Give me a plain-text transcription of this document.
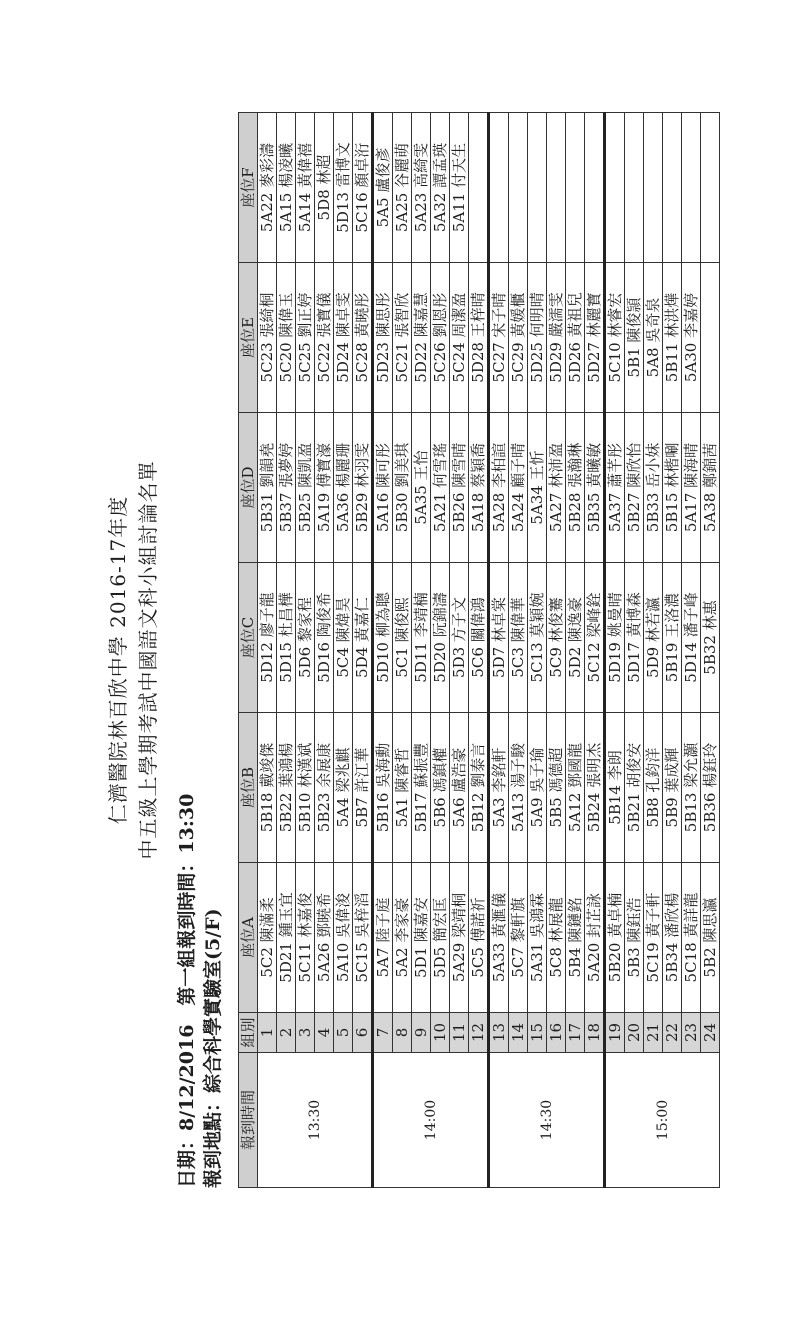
仁濟醫院林百欣中學 2016-17年度 中五級上學期考試中國語文科小組討論名單
日期：8/12/2016　第一組報到時間：13:30 報到地點：綜合科學實驗室(5/F) 報到時間	組別	座位A	座位B	座位C	座位D	座位E	座位F
13:30	1	5C2 陳滿柔	5B18 戴竣傑	5D12 廖子龍	5B31 劉韻堯	5C23 張綺桐	5A22 麥彩濤
	2	5D21 鍾玉宜	5B22 葉鴻楊	5D15 杜昌樺	5B37 張夢婷	5C20 陳偉玉	5A15 楊凌曦
	3	5C11 林嘉俊	5B10 林漢斌	5D6 黎家程	5B25 陳凱盈	5C25 劉正婷	5A14 黃偉禧
	4	5A26 鄧曉希	5B23 余展康	5D16 陶俊希	5A19 傅寶濠	5C22 張寶儀	5D8 林超
	5	5A10 吳偉浚	5A4 梁兆麒	5C4 陳煒昊	5A36 楊麗珊	5D24 陳卓雯	5D13 雷博文
	6	5C15 吳梓滔	5B7 許江華	5D4 黃嘉仁	5B29 林羽雯	5C28 黃曉彤	5C16 顏卓洐
14:00	7	5A7 陸子庭	5B16 吳海勳	5D10 柳為聰	5A16 陳可彤	5D23 陳思彤	5A5 盧俊彥
	8	5A2 李家豪	5A1 陳睿哲	5C1 陳俊熙	5B30 劉美琪	5C21 張智欣	5A25 谷麗萌
	9	5D1 陳嘉安	5B17 蘇振豐	5D11 李靖楠	5A35 王怡	5D22 陳嘉慧	5A23 高綺雯
	10	5D5 簡宏匡	5B6 馮鎮權	5D20 阮錦濤	5A21 何雪瑤	5C26 劉恩彤	5A32 譚孟瑛
	11	5A29 梁靖桐	5A6 盧浩豪	5D3 方子文	5B26 陳雪晴	5C24 周潔盈	5A11 付天生
	12	5C5 傅諾祈	5B12 劉泰言	5C6 關偉鴻	5A18 蔡穎喬	5D28 王梓晴	
14:30	13	5A33 黃滙儀	5A3 李銘軒	5D7 林卓棠	5A28 李柏諠	5C27 宋子晴	
	14	5C7 黎軒旗	5A13 湯子駿	5C3 陳偉華	5A24 顧子晴	5C29 黃媛櫃	
	15	5A31 吳鴻霖	5A9 吳子瑜	5C13 莫穎婉	5A34 王忻	5D25 何明晴	
	16	5C8 林展龍	5B5 馮德超	5C9 林俊騫	5A27 林沛盈	5D29 嚴濡雯	
	17	5B4 陳鏈銘	5A12 鄧國龍	5D2 陳逸豪	5B28 張瀚琳	5D26 黃祖兒	
	18	5A20 封芷詠	5B24 張明杰	5C12 梁峰銓	5B35 黃曦敏	5D27 林麗寶	
15:00	19	5B20 黃卓楠	5B14 李朗	5D19 姚曼晴	5A37 蕭芊彤	5C10 林睿宏	
	20	5B3 陳鈺浩	5B21 胡俊安	5D17 黃博森	5B27 陳欣怡	5B1 陳俊頴	
	21	5C19 黃子軒	5B8 孔鈞洋	5D9 林若瀛	5B33 岳小妹	5A8 吳奇泉	
	22	5B34 潘欣楊	5B9 葉成輝	5B19 王洛濃	5B15 林楷唰	5B11 林洪燁	
	23	5C18 黃詳龍	5B13 梁允灝	5D14 潘子峰	5A17 陳海晴	5A30 李嘉婷	
	24	5B2 陳思瀛	5B36 楊鈺玲	5B32 林惠	5A38 鄭錦茜		
